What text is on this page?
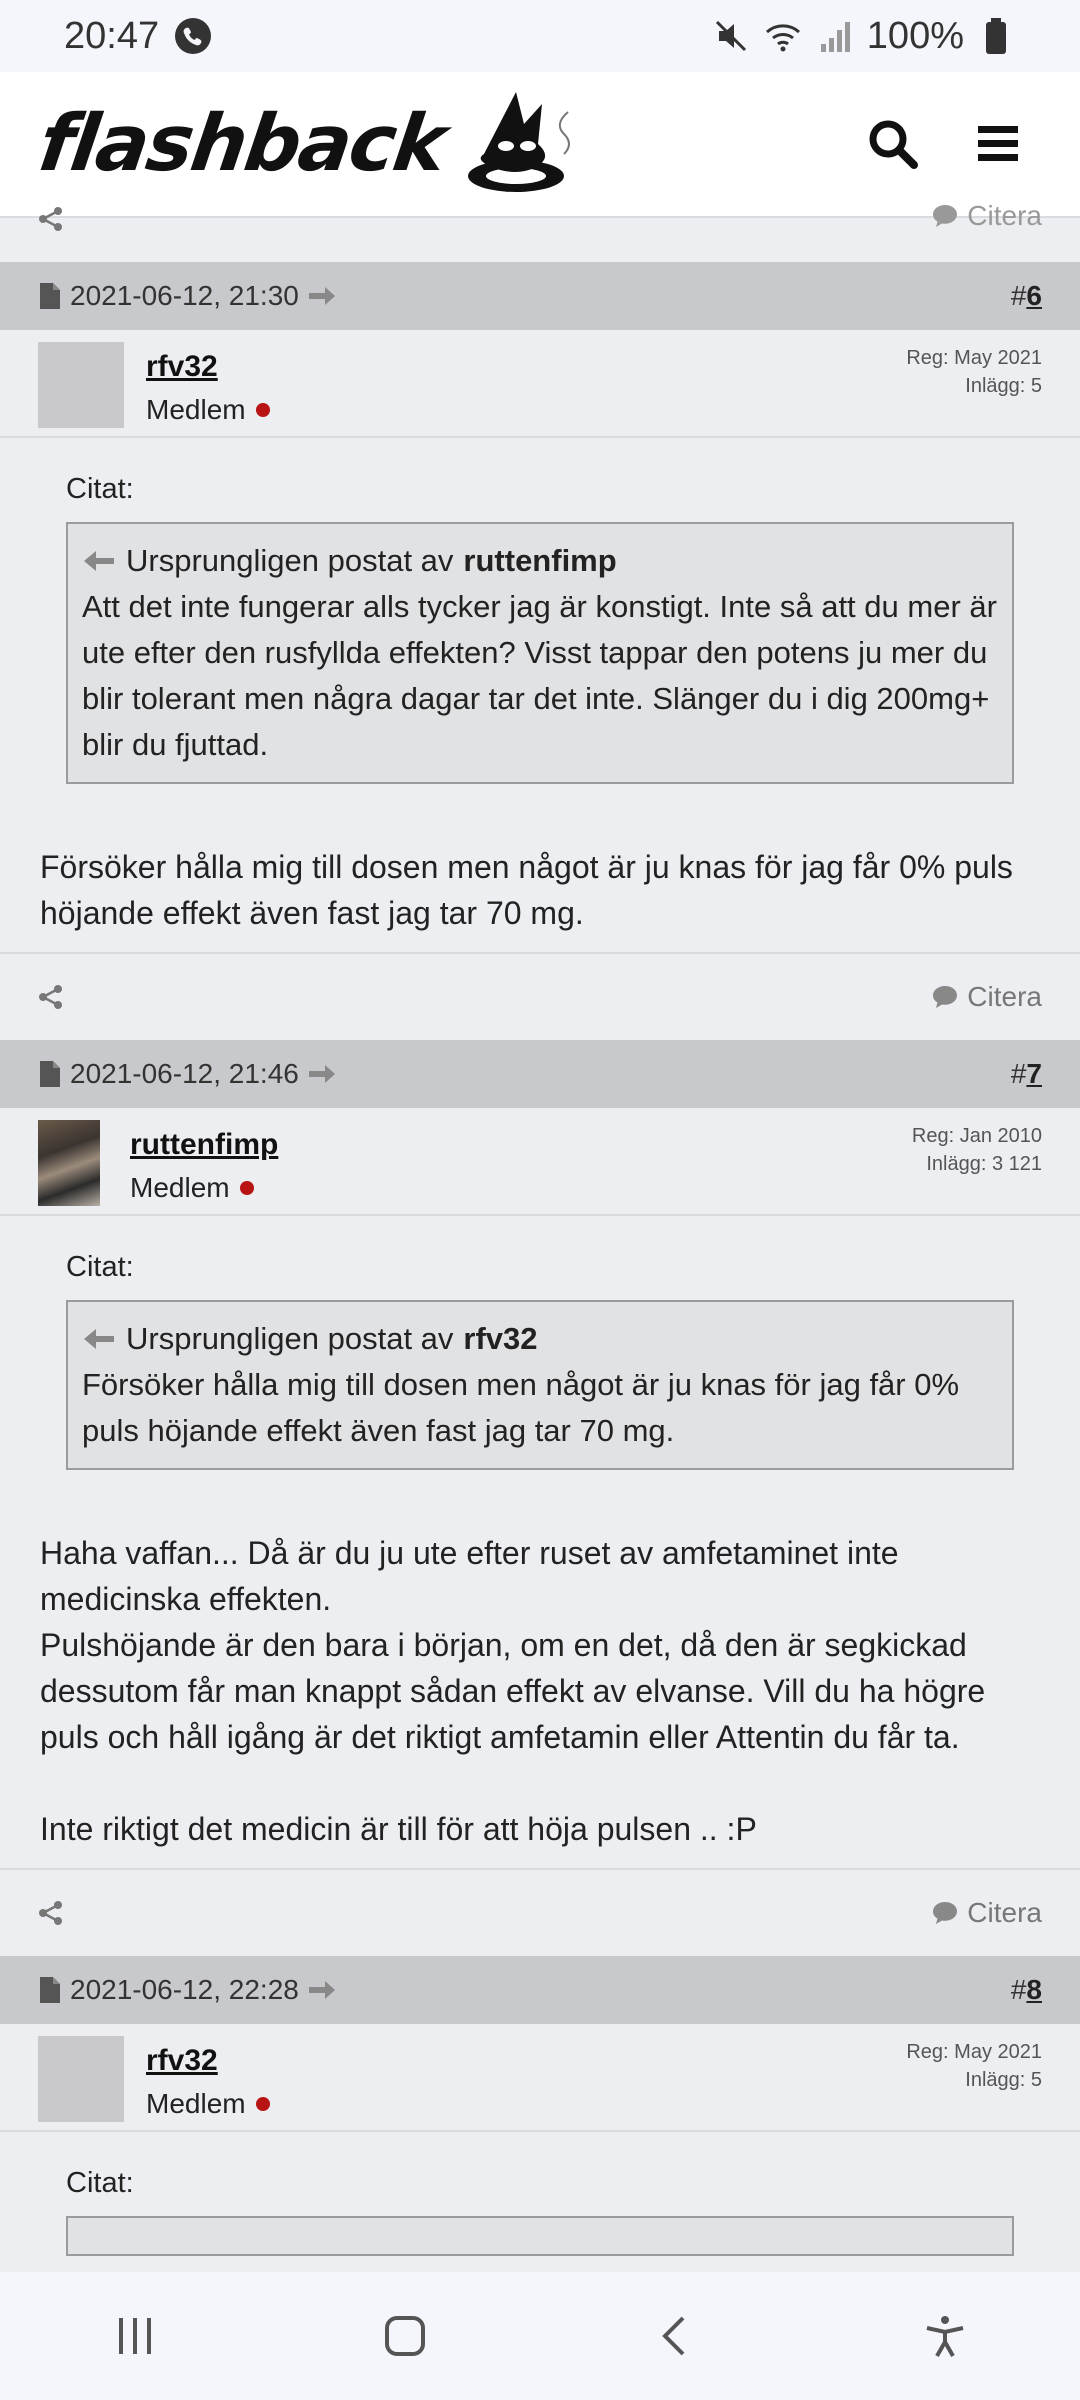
20:47	100%
flashback
Citera
2021-06-12, 21:30	#6
rfv32
Medlem
Reg: May 2021
Inlägg: 5
Citat:
Ursprungligen postat av ruttenfimp
Att det inte fungerar alls tycker jag är konstigt. Inte så att du mer är ute efter den rusfyllda effekten? Visst tappar den potens ju mer du blir tolerant men några dagar tar det inte. Slänger du i dig 200mg+ blir du fjuttad.

Försöker hålla mig till dosen men något är ju knas för jag får 0% puls höjande effekt även fast jag tar 70 mg.

Citera
2021-06-12, 21:46	#7
ruttenfimp
Medlem
Reg: Jan 2010
Inlägg: 3 121
Citat:
Ursprungligen postat av rfv32
Försöker hålla mig till dosen men något är ju knas för jag får 0% puls höjande effekt även fast jag tar 70 mg.

Haha vaffan... Då är du ju ute efter ruset av amfetaminet inte medicinska effekten.

Pulshöjande är den bara i början, om en det, då den är segkickad dessutom får man knappt sådan effekt av elvanse. Vill du ha högre puls och håll igång är det riktigt amfetamin eller Attentin du får ta.

Inte riktigt det medicin är till för att höja pulsen .. :P

Citera
2021-06-12, 22:28	#8
rfv32
Medlem
Reg: May 2021
Inlägg: 5
Citat:
